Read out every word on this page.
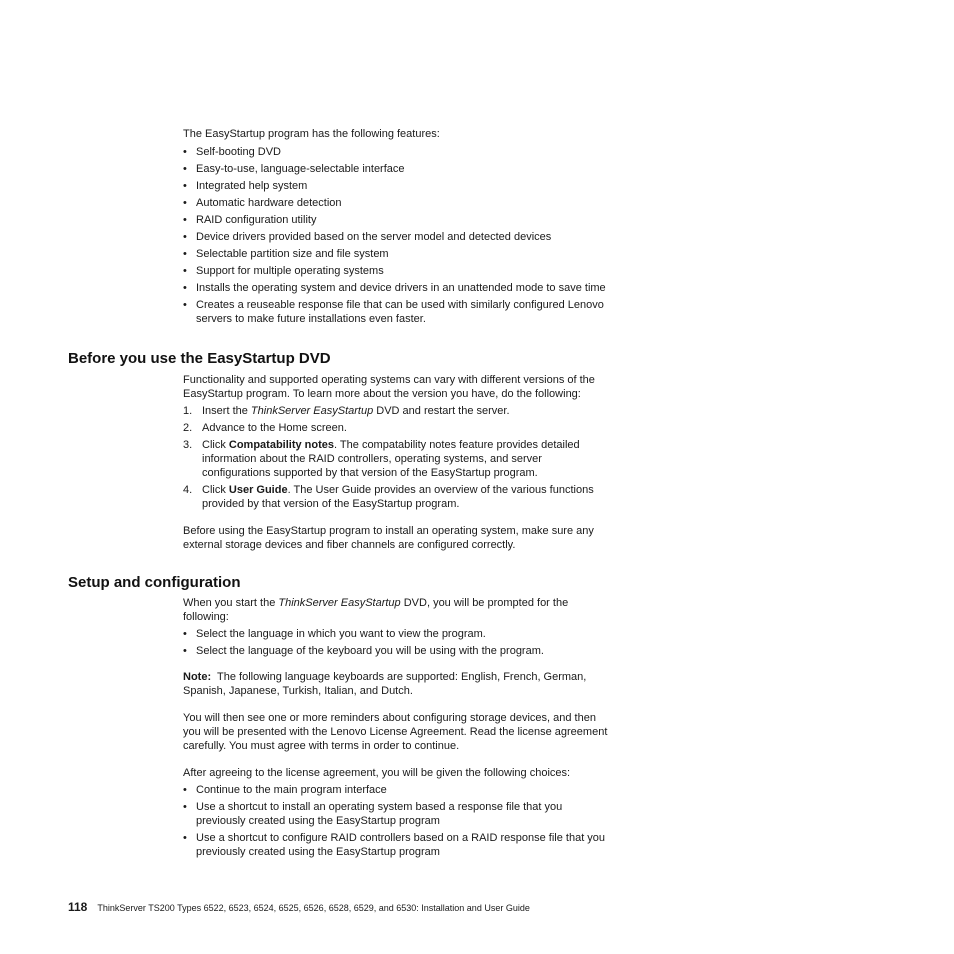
The EasyStartup program has the following features:

• Self-booting DVD
• Easy-to-use, language-selectable interface
• Integrated help system
• Automatic hardware detection
• RAID configuration utility
• Device drivers provided based on the server model and detected devices
• Selectable partition size and file system
• Support for multiple operating systems
• Installs the operating system and device drivers in an unattended mode to save time
• Creates a reuseable response file that can be used with similarly configured Lenovo servers to make future installations even faster.
Before you use the EasyStartup DVD

Functionality and supported operating systems can vary with different versions of the EasyStartup program. To learn more about the version you have, do the following:

1. Insert the ThinkServer EasyStartup DVD and restart the server.
2. Advance to the Home screen.
3. Click Compatability notes. The compatability notes feature provides detailed information about the RAID controllers, operating systems, and server configurations supported by that version of the EasyStartup program.
4. Click User Guide. The User Guide provides an overview of the various functions provided by that version of the EasyStartup program.

Before using the EasyStartup program to install an operating system, make sure any external storage devices and fiber channels are configured correctly.

Setup and configuration

When you start the ThinkServer EasyStartup DVD, you will be prompted for the following:

• Select the language in which you want to view the program.
• Select the language of the keyboard you will be using with the program.

Note: The following language keyboards are supported: English, French, German, Spanish, Japanese, Turkish, Italian, and Dutch.

You will then see one or more reminders about configuring storage devices, and then you will be presented with the Lenovo License Agreement. Read the license agreement carefully. You must agree with terms in order to continue.

After agreeing to the license agreement, you will be given the following choices:

• Continue to the main program interface
• Use a shortcut to install an operating system based a response file that you previously created using the EasyStartup program
• Use a shortcut to configure RAID controllers based on a RAID response file that you previously created using the EasyStartup program
118 ThinkServer TS200 Types 6522, 6523, 6524, 6525, 6526, 6528, 6529, and 6530: Installation and User Guide
